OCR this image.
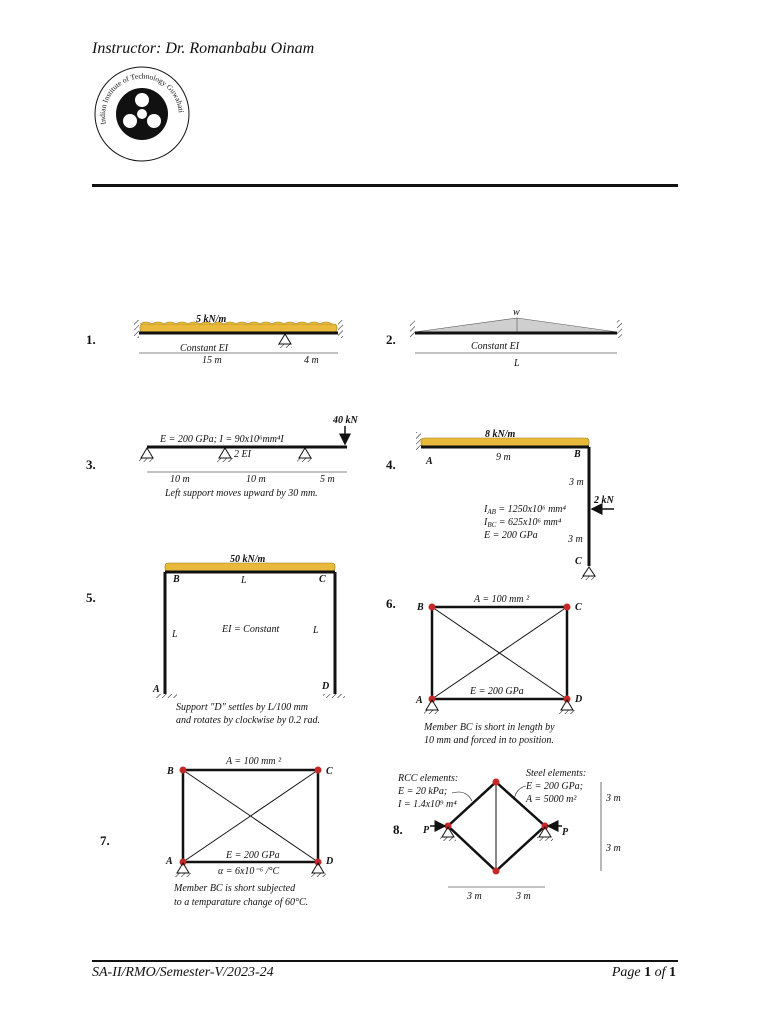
Instructor: Dr. Romanbabu Oinam
Indian Institute of Technology Guwahati
1.
5 kN/m
Constant EI
15 m	4 m
2.
w
Constant EI
L
3.
40 kN
E = 200 GPa; I = 90x10⁶mm⁴I
2 EI
10 m	10 m	5 m
Left support moves upward by 30 mm.
4.
8 kN/m
A
B
9 m
3 m
2 kN
3 m
C
$I_{AB} = 1250x10^6$ mm⁴
$I_{BC} = 625x10^6$ mm⁴
E = 200 GPa
5.
50 kN/m
B	C
L
L	L
EI = Constant
A	D
Support "D" settles by L/100 mm
and rotates by clockwise by 0.2 rad.
6.	A = 100 mm ²
B	C
A	D
E = 200 GPa
Member BC is short in length by
10 mm and forced in to position.
7.
A = 100 mm ²
B	C
A	D
E = 200 GPa
α = 6x10⁻⁶ /°C
Member BC is short subjected
to a temparature change of 60°C.
8. P	P
RCC elements:
E = 20 kPa;
I = 1.4x10⁹ m⁴
Steel elements:
E = 200 GPa;
A = 5000 m²	3 m
3 m
3 m	3 m
SA-II/RMO/Semester-V/2023-24	Page 1 of 1
